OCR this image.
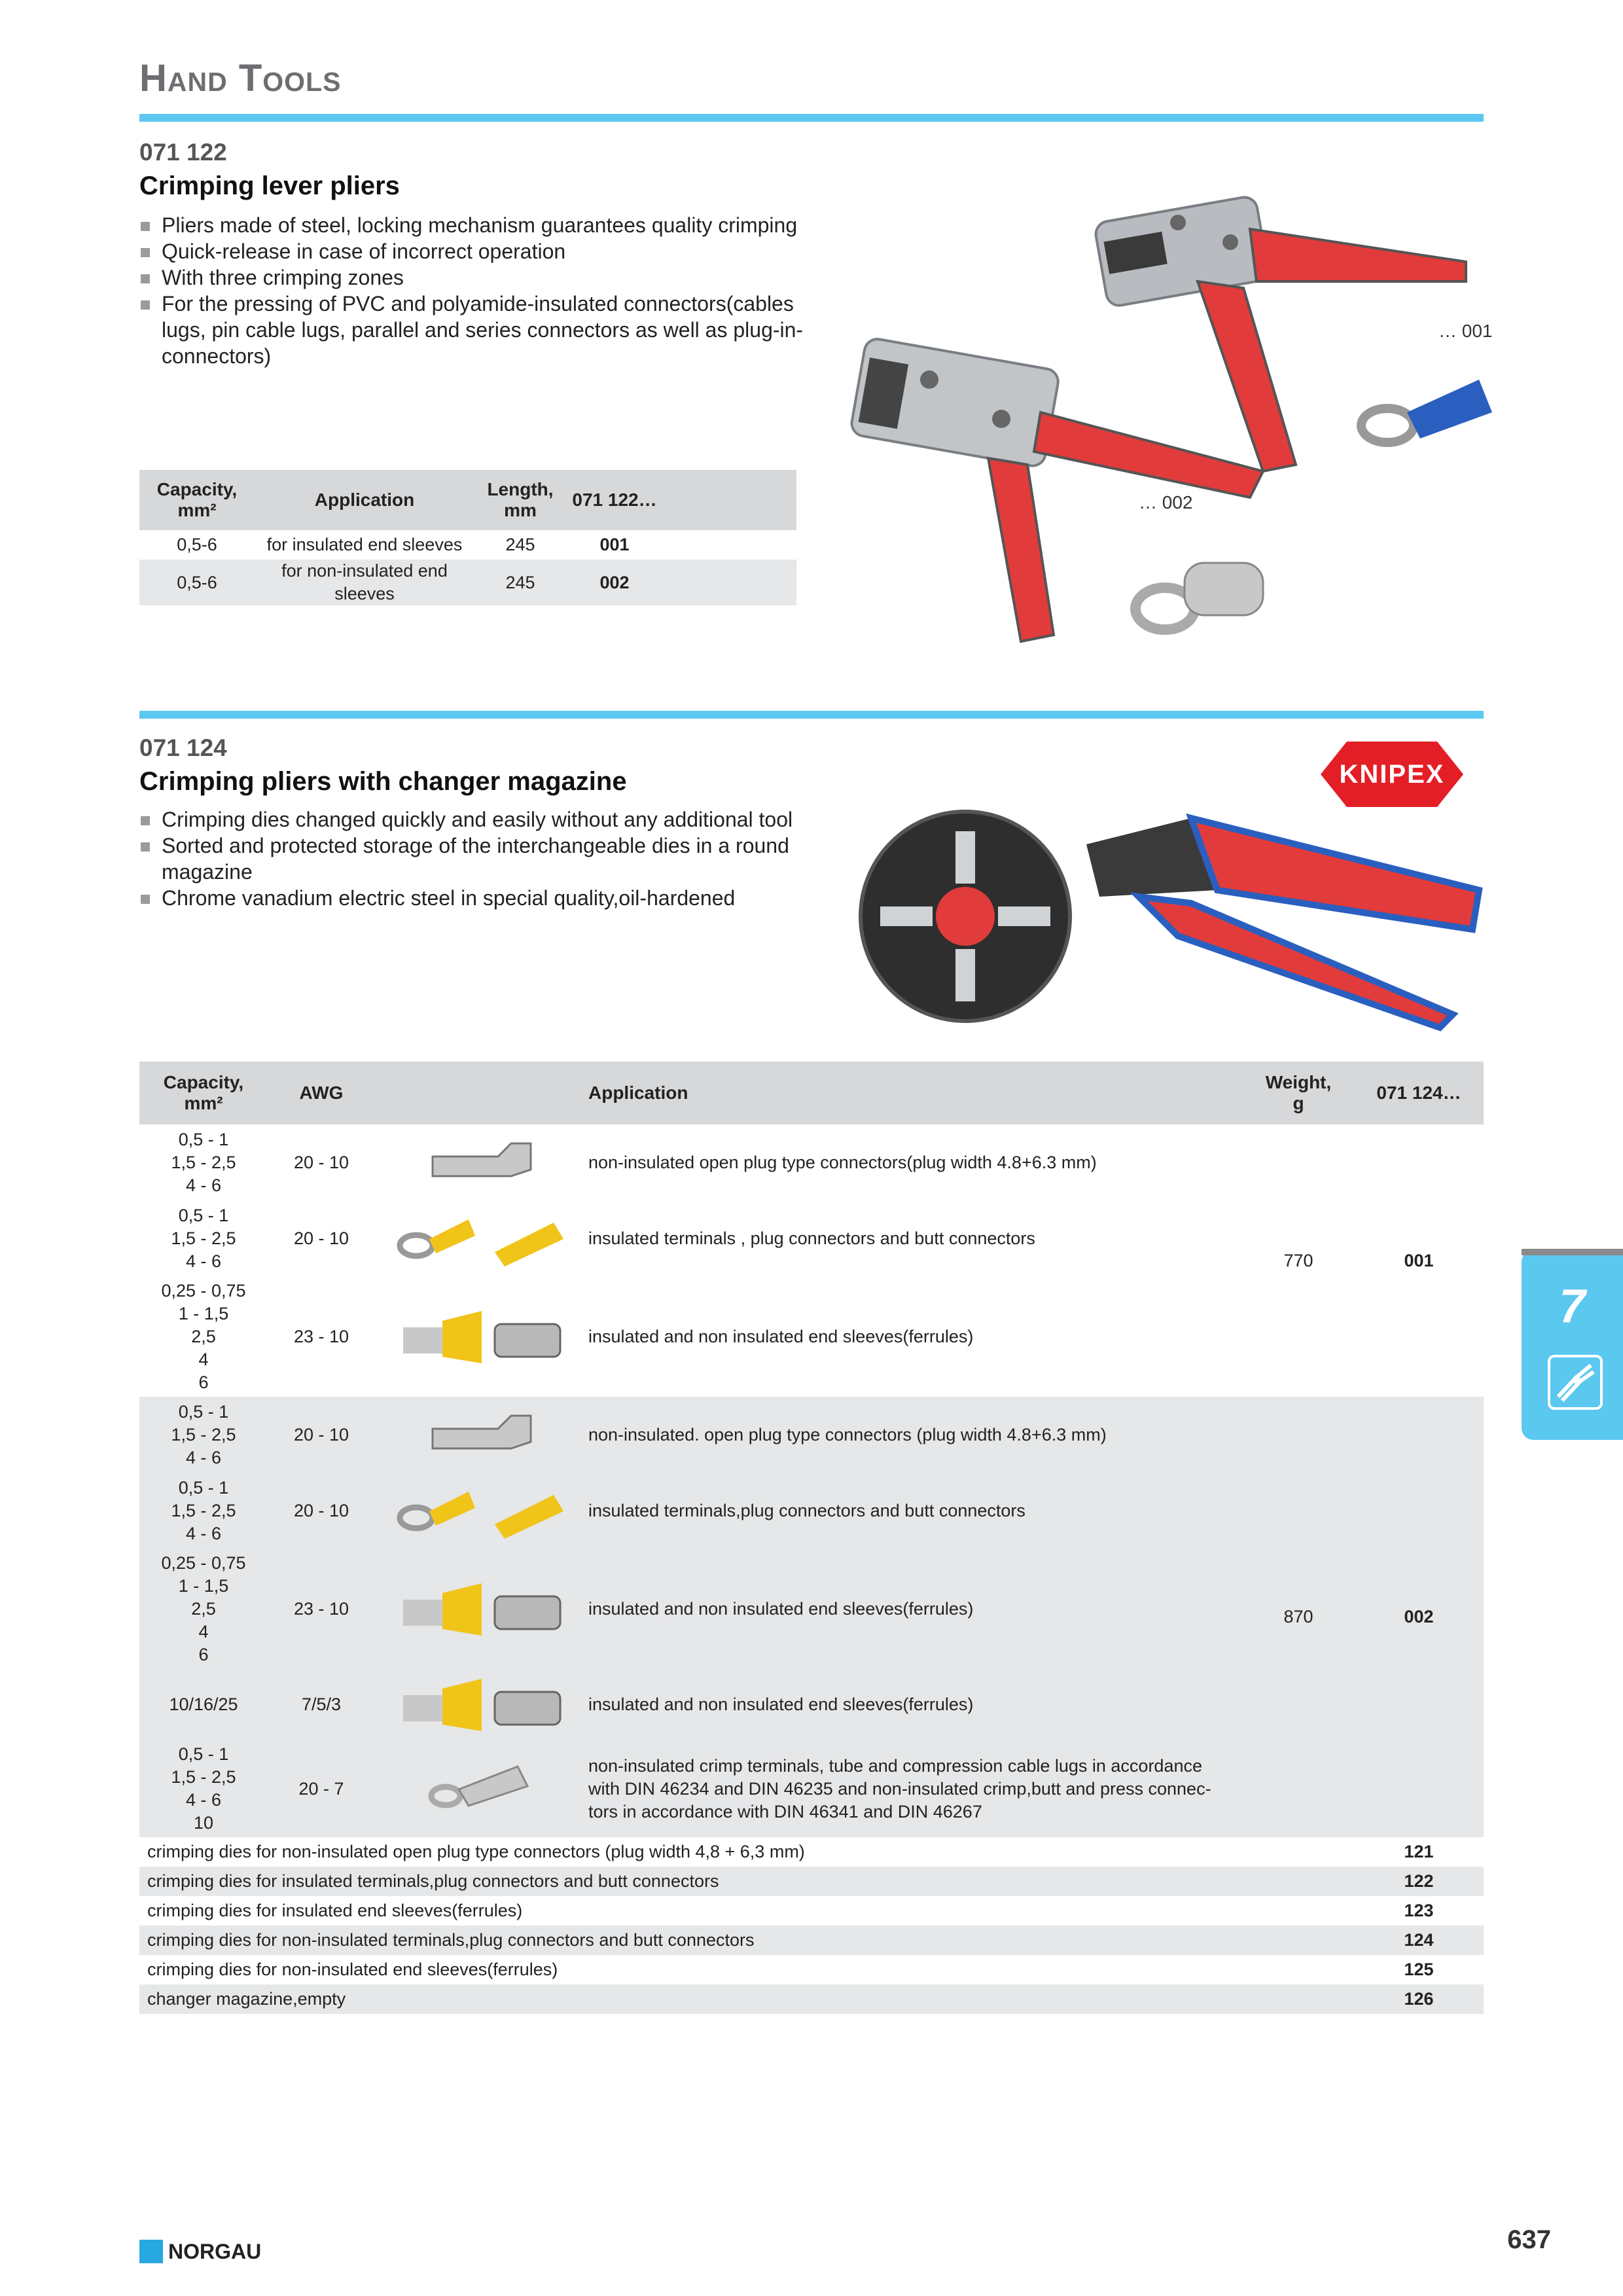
Hand Tools
071 122
Crimping lever pliers
Pliers made of steel, locking mechanism guarantees quality crimping
Quick-release in case of incorrect operation
With three crimping zones
For the pressing of PVC and polyamide-insulated connectors(cables lugs, pin cable lugs, parallel and series connectors as well as plug-in-connectors)
Capacity,
mm²	Application	Length,
mm	071 122…	
0,5-6	for insulated end sleeves	245	001	
0,5-6	for non-insulated end sleeves	245	002	
… 001
… 002
071 124
Crimping pliers with changer magazine
Crimping dies changed quickly and easily without any additional tool
Sorted and protected storage of the interchangeable dies in a round magazine
Chrome vanadium electric steel in special quality,oil-hardened
KNIPEX
Capacity,
mm²	AWG		Application	Weight,
g	071 124…
0,5 - 1
1,5 - 2,5
4 - 6	20 - 10		non-insulated open plug type connectors(plug width 4.8+6.3 mm)	770	001
0,5 - 1
1,5 - 2,5
4 - 6	20 - 10		insulated terminals , plug connectors and butt connectors		
0,25 - 0,75
1 - 1,5
2,5
4
6	23 - 10		insulated and non insulated end sleeves(ferrules)		
0,5 - 1
1,5 - 2,5
4 - 6	20 - 10		non-insulated. open plug type connectors (plug width 4.8+6.3 mm)	870	002
0,5 - 1
1,5 - 2,5
4 - 6	20 - 10		insulated terminals,plug connectors and butt connectors		
0,25 - 0,75
1 - 1,5
2,5
4
6	23 - 10		insulated and non insulated end sleeves(ferrules)		
10/16/25	7/5/3		insulated and non insulated end sleeves(ferrules)		
0,5 - 1
1,5 - 2,5
4 - 6
10	20 - 7		non-insulated crimp terminals, tube and compression cable lugs in accordance with DIN 46234 and DIN 46235 and non-insulated crimp,butt and press connec-tors in accordance with DIN 46341 and DIN 46267		
crimping dies for non-insulated open plug type connectors (plug width 4,8 + 6,3 mm)					121
crimping dies for insulated terminals,plug connectors and butt connectors					122
crimping dies for insulated end sleeves(ferrules)					123
crimping dies for non-insulated terminals,plug connectors and butt connectors					124
crimping dies for non-insulated end sleeves(ferrules)					125
changer magazine,empty					126
7
NORGAU	637
